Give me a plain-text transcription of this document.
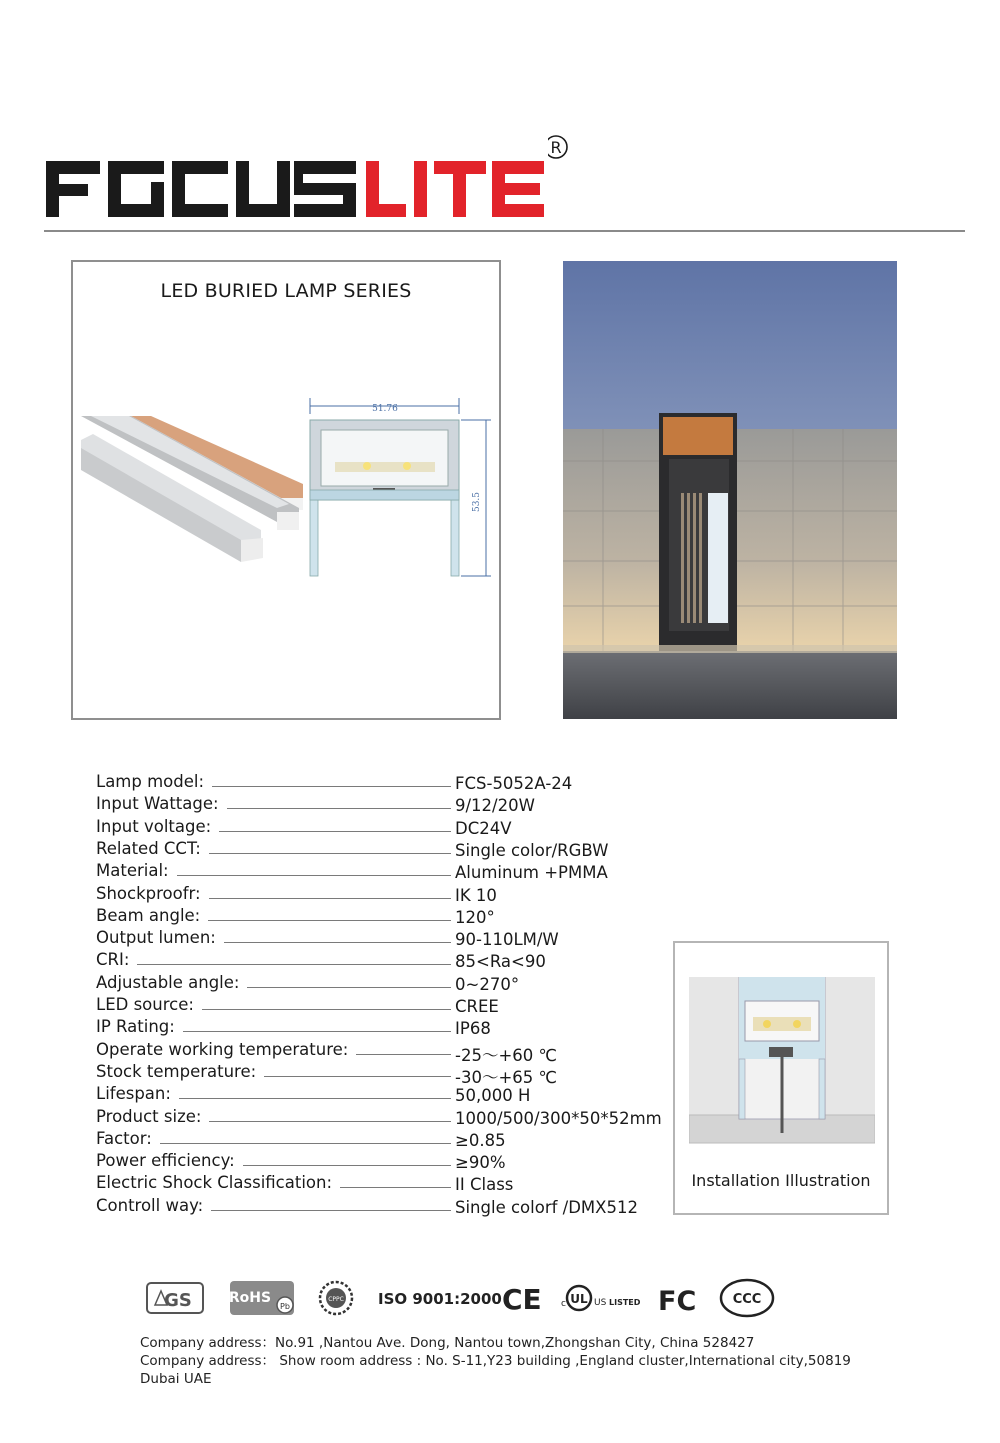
R
LED BURIED LAMP SERIES
51.76
53.5
Lamp model:	FCS-5052A-24
Input Wattage:	9/12/20W
Input voltage:	DC24V
Related CCT:	Single color/RGBW
Material:	Aluminum +PMMA
Shockproofr:	IK 10
Beam angle:	120°
Output lumen:	90-110LM/W
CRI:	85<Ra<90
Adjustable angle:	0~270°
LED source:	CREE
IP Rating:	IP68
Operate working temperature:	-25～+60 ℃
Stock temperature:	-30～+65 ℃
Lifespan:	50,000 H
Product size:	1000/500/300*50*52mm
Factor:	≥0.85
Power efficiency:	≥90%
Electric Shock Classification:	II Class
Controll way:	Single colorf /DMX512
Installation Illustration
GS	RoHS
Pb
CPPC ISO 9001:2000 CE c UL US LISTED FC	CCC
Company address：No.91 ,Nantou Ave. Dong, Nantou town,Zhongshan City, China 528427
Company address： Show room address : No. S-11,Y23 building ,England cluster,International city,50819 Dubai UAE
